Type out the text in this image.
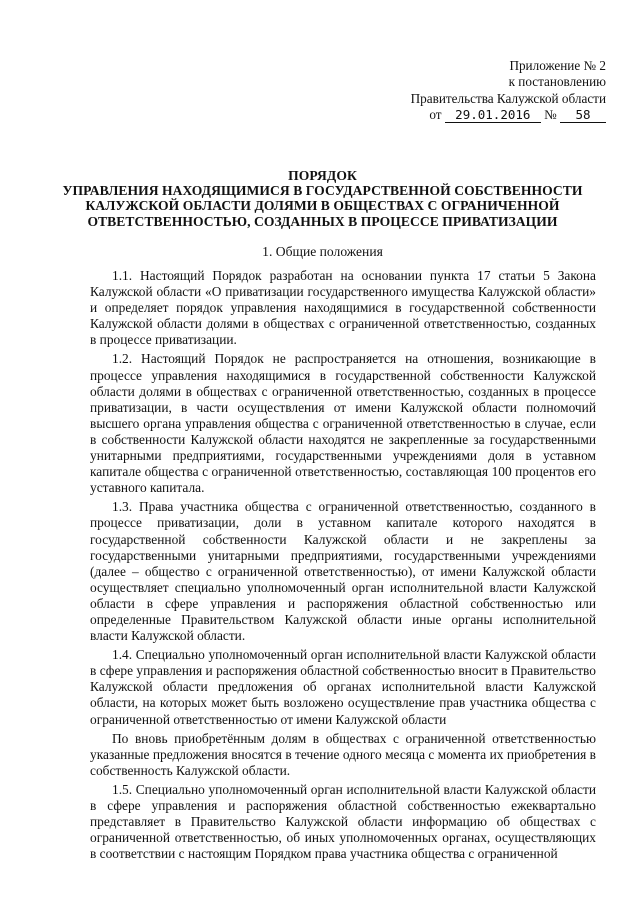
Приложение № 2
к постановлению
Правительства Калужской области
от 29.01.2016 № 58
ПОРЯДОК
УПРАВЛЕНИЯ НАХОДЯЩИМИСЯ В ГОСУДАРСТВЕННОЙ СОБСТВЕННОСТИ
КАЛУЖСКОЙ ОБЛАСТИ ДОЛЯМИ В ОБЩЕСТВАХ С ОГРАНИЧЕННОЙ
ОТВЕТСТВЕННОСТЬЮ, СОЗДАННЫХ В ПРОЦЕССЕ ПРИВАТИЗАЦИИ
1. Общие положения

1.1. Настоящий Порядок разработан на основании пункта 17 статьи 5 Закона Калужской области «О приватизации государственного имущества Калужской области» и определяет порядок управления находящимися в государственной собственности Калужской области долями в обществах с ограниченной ответственностью, созданных в процессе приватизации.

1.2. Настоящий Порядок не распространяется на отношения, возникающие в процессе управления находящимися в государственной собственности Калужской области долями в обществах с ограниченной ответственностью, созданных в процессе приватизации, в части осуществления от имени Калужской области полномочий высшего органа управления общества с ограниченной ответственностью в случае, если в собственности Калужской области находятся не закрепленные за государственными унитарными предприятиями, государственными учреждениями доля в уставном капитале общества с ограниченной ответственностью, составляющая 100 процентов его уставного капитала.

1.3. Права участника общества с ограниченной ответственностью, созданного в процессе приватизации, доли в уставном капитале которого находятся в государственной собственности Калужской области и не закреплены за государственными унитарными предприятиями, государственными учреждениями (далее – общество с ограниченной ответственностью), от имени Калужской области осуществляет специально уполномоченный орган исполнительной власти Калужской области в сфере управления и распоряжения областной собственностью или определенные Правительством Калужской области иные органы исполнительной власти Калужской области.

1.4. Специально уполномоченный орган исполнительной власти Калужской области в сфере управления и распоряжения областной собственностью вносит в Правительство Калужской области предложения об органах исполнительной власти Калужской области, на которых может быть возложено осуществление прав участника общества с ограниченной ответственностью от имени Калужской области

По вновь приобретённым долям в обществах с ограниченной ответственностью указанные предложения вносятся в течение одного месяца с момента их приобретения в собственность Калужской области.

1.5. Специально уполномоченный орган исполнительной власти Калужской области в сфере управления и распоряжения областной собственностью ежеквартально представляет в Правительство Калужской области информацию об обществах с ограниченной ответственностью, об иных уполномоченных органах, осуществляющих в соответствии с настоящим Порядком права участника общества с ограниченной
